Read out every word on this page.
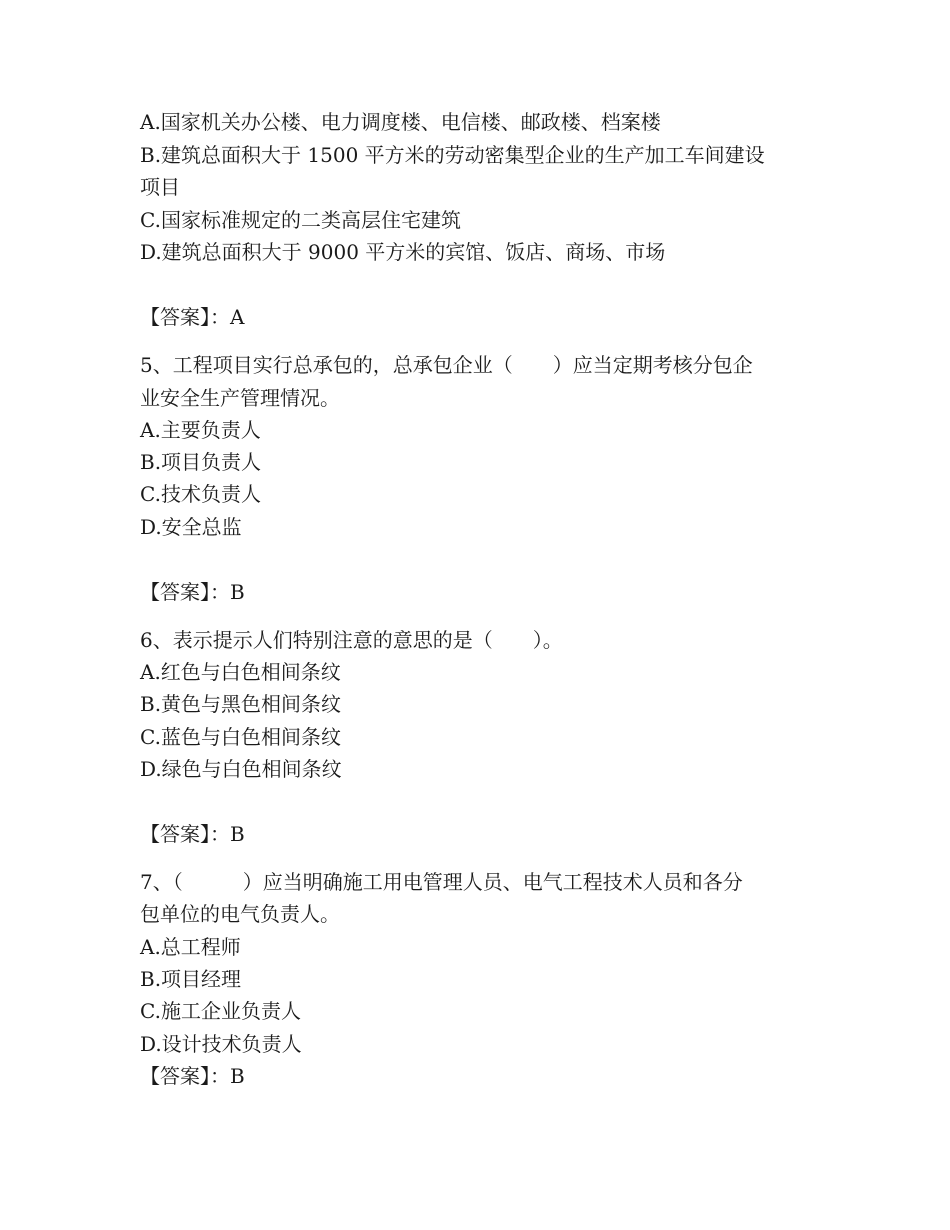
A.国家机关办公楼、电力调度楼、电信楼、邮政楼、档案楼
B.建筑总面积大于 1500 平方米的劳动密集型企业的生产加工车间建设
项目
C.国家标准规定的二类高层住宅建筑
D.建筑总面积大于 9000 平方米的宾馆、饭店、商场、市场
【答案】：A
5、工程项目实行总承包的，总承包企业（　　）应当定期考核分包企
业安全生产管理情况。
A.主要负责人
B.项目负责人
C.技术负责人
D.安全总监
【答案】：B
6、表示提示人们特别注意的意思的是（　　）。
A.红色与白色相间条纹
B.黄色与黑色相间条纹
C.蓝色与白色相间条纹
D.绿色与白色相间条纹
【答案】：B
7、（　　　）应当明确施工用电管理人员、电气工程技术人员和各分
包单位的电气负责人。
A.总工程师
B.项目经理
C.施工企业负责人
D.设计技术负责人
【答案】：B
